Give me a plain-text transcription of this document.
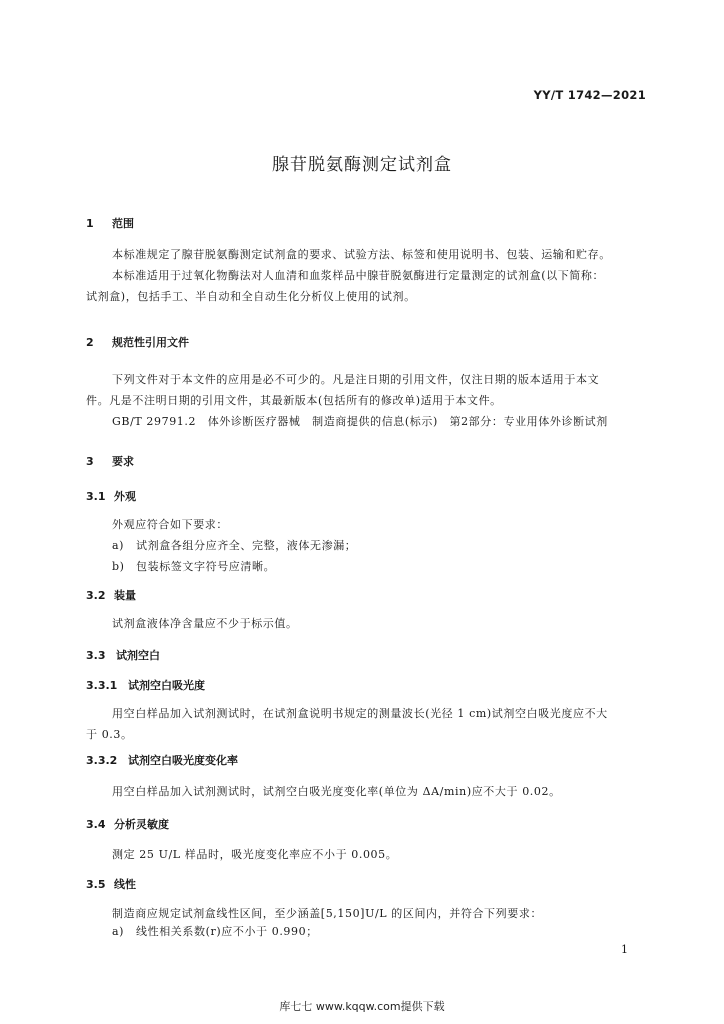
YY/T 1742—2021
腺苷脱氨酶测定试剂盒
1 范围
本标准规定了腺苷脱氨酶测定试剂盒的要求、试验方法、标签和使用说明书、包装、运输和贮存。
本标准适用于过氧化物酶法对人血清和血浆样品中腺苷脱氨酶进行定量测定的试剂盒(以下简称：
试剂盒)，包括手工、半自动和全自动生化分析仪上使用的试剂。
2 规范性引用文件
下列文件对于本文件的应用是必不可少的。凡是注日期的引用文件，仅注日期的版本适用于本文
件。凡是不注明日期的引用文件，其最新版本(包括所有的修改单)适用于本文件。
GB/T 29791.2　体外诊断医疗器械　制造商提供的信息(标示)　第2部分：专业用体外诊断试剂
3 要求
3.1 外观
外观应符合如下要求：
a) 试剂盒各组分应齐全、完整，液体无渗漏；
b) 包装标签文字符号应清晰。
3.2 装量
试剂盒液体净含量应不少于标示值。
3.3 试剂空白
3.3.1 试剂空白吸光度
用空白样品加入试剂测试时，在试剂盒说明书规定的测量波长(光径 1 cm)试剂空白吸光度应不大
于 0.3。
3.3.2 试剂空白吸光度变化率
用空白样品加入试剂测试时，试剂空白吸光度变化率(单位为 ΔA/min)应不大于 0.02。
3.4 分析灵敏度
测定 25 U/L 样品时，吸光度变化率应不小于 0.005。
3.5 线性
制造商应规定试剂盒线性区间，至少涵盖[5,150]U/L 的区间内，并符合下列要求：
a) 线性相关系数(r)应不小于 0.990；
1
库七七 www.kqqw.com提供下载
